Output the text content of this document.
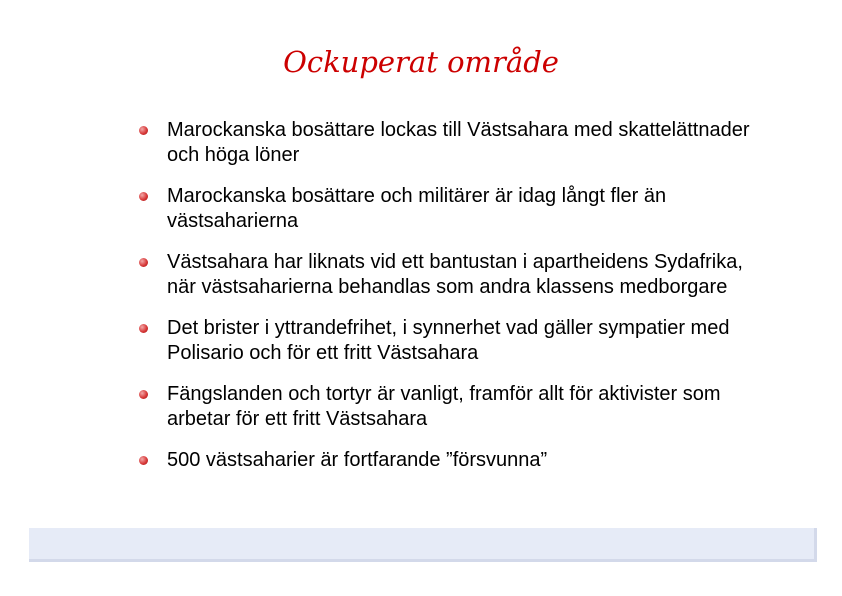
Ockuperat område
Marockanska bosättare lockas till Västsahara med skattelättnader och höga löner
Marockanska bosättare och militärer är idag långt fler än västsaharierna
Västsahara har liknats vid ett bantustan i apartheidens Sydafrika, när västsaharierna behandlas som andra klassens medborgare
Det brister i yttrandefrihet, i synnerhet vad gäller sympatier med Polisario och för ett fritt Västsahara
Fängslanden och tortyr är vanligt, framför allt för aktivister som arbetar för ett fritt Västsahara
500 västsaharier är fortfarande ”försvunna”
